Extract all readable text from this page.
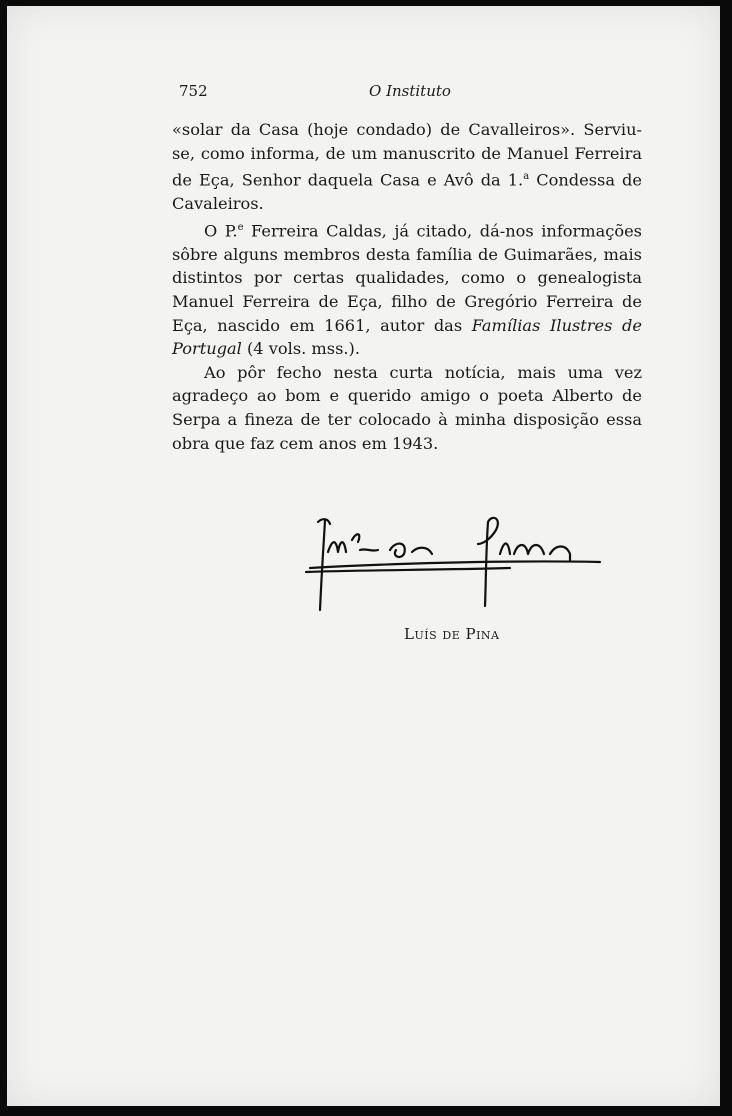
752	O Instituto

«solar da Casa (hoje condado) de Cavalleiros». Serviu-se, como informa, de um manuscrito de Manuel Ferreira de Eça, Senhor daquela Casa e Avô da 1.$^a$ Condessa de Cavaleiros.

O P.$^e$ Ferreira Caldas, já citado, dá-nos informações sôbre alguns membros desta família de Guimarães, mais distintos por certas qualidades, como o genealogista Manuel Ferreira de Eça, filho de Gregório Ferreira de Eça, nascido em 1661, autor das Famílias Ilustres de Portugal (4 vols. mss.).

Ao pôr fecho nesta curta notícia, mais uma vez agradeço ao bom e querido amigo o poeta Alberto de Serpa a fineza de ter colocado à minha disposição essa obra que faz cem anos em 1943.

Luís de Pina
